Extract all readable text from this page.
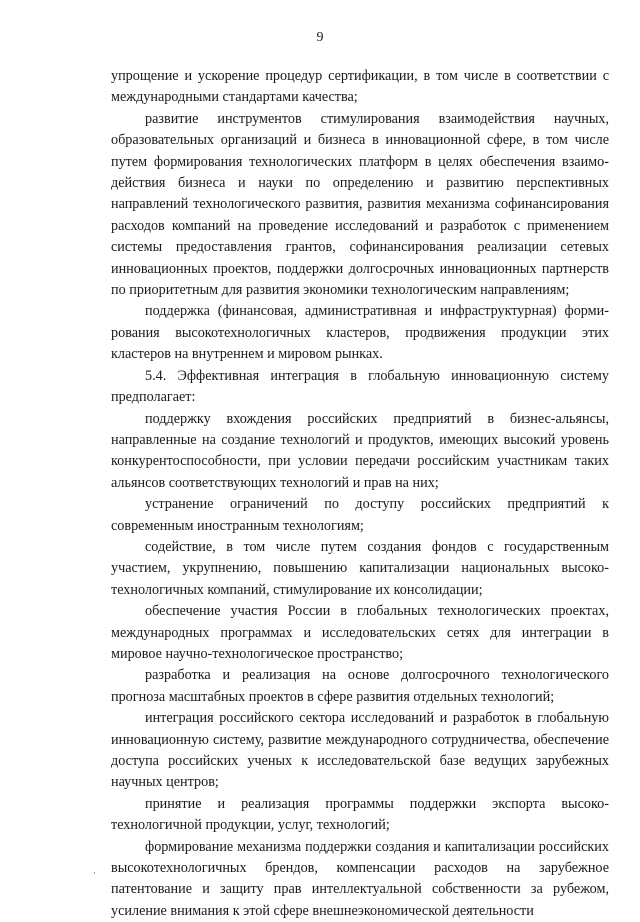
9

упрощение и ускорение процедур сертификации, в том числе в соответствии с международными стандартами качества;

развитие инструментов стимулирования взаимодействия научных, образовательных организаций и бизнеса в инновационной сфере, в том числе путем формирования технологических платформ в целях обеспечения взаимодействия бизнеса и науки по определению и развитию перспективных направлений технологического развития, развития механизма софинансирования расходов компаний на проведение исследований и разработок с применением системы предоставления грантов, софинансирования реализации сетевых инновационных проектов, поддержки долгосрочных инновационных партнерств по приоритетным для развития экономики технологическим направлениям;

поддержка (финансовая, административная и инфраструктурная) формирования высокотехнологичных кластеров, продвижения продукции этих кластеров на внутреннем и мировом рынках.

5.4. Эффективная интеграция в глобальную инновационную систему предполагает:

поддержку вхождения российских предприятий в бизнес-альянсы, направленные на создание технологий и продуктов, имеющих высокий уровень конкурентоспособности, при условии передачи российским участникам таких альянсов соответствующих технологий и прав на них;

устранение ограничений по доступу российских предприятий к современным иностранным технологиям;

содействие, в том числе путем создания фондов с государственным участием, укрупнению, повышению капитализации национальных высокотехнологичных компаний, стимулирование их консолидации;

обеспечение участия России в глобальных технологических проектах, международных программах и исследовательских сетях для интеграции в мировое научно-технологическое пространство;

разработка и реализация на основе долгосрочного технологического прогноза масштабных проектов в сфере развития отдельных технологий;

интеграция российского сектора исследований и разработок в глобальную инновационную систему, развитие международного сотрудничества, обеспечение доступа российских ученых к исследовательской базе ведущих зарубежных научных центров;

принятие и реализация программы поддержки экспорта высокотехнологичной продукции, услуг, технологий;

формирование механизма поддержки создания и капитализации российских высокотехнологичных брендов, компенсации расходов на зарубежное патентование и защиту прав интеллектуальной собственности за рубежом, усиление внимания к этой сфере внешнеэкономической деятельности
